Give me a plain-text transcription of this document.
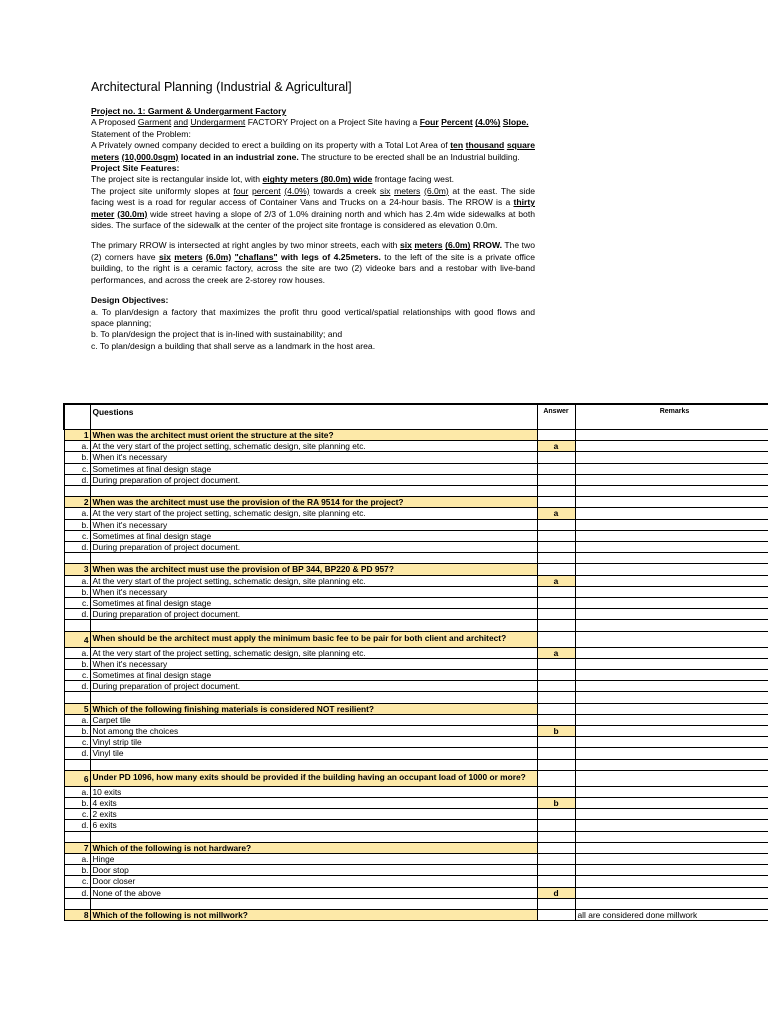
Architectural Planning (Industrial & Agricultural]

Project no. 1: Garment & Undergarment Factory

A Proposed Garment and Undergarment FACTORY Project on a Project Site having a Four Percent (4.0%) Slope.

Statement of the Problem:

A Privately owned company decided to erect a building on its property with a Total Lot Area of ten thousand square meters (10,000.0sgm) located in an industrial zone. The structure to be erected shall be an Industrial building.

Project Site Features:

The project site is rectangular inside lot, with eighty meters (80.0m) wide frontage facing west.

The project site uniformly slopes at four percent (4.0%) towards a creek six meters (6.0m) at the east. The side facing west is a road for regular access of Container Vans and Trucks on a 24-hour basis. The RROW is a thirty meter (30.0m) wide street having a slope of 2/3 of 1.0% draining north and which has 2.4m wide sidewalks at both sides. The surface of the sidewalk at the center of the project site frontage is considered as elevation 0.0m.

The primary RROW is intersected at right angles by two minor streets, each with six meters (6.0m) RROW. The two (2) corners have six meters (6.0m) "chaflans" with legs of 4.25meters. to the left of the site is a private office building, to the right is a ceramic factory, across the site are two (2) videoke bars and a restobar with live-band performances, and across the creek are 2-storey row houses.

Design Objectives:

a. To plan/design a factory that maximizes the profit thru good vertical/spatial relationships with good flows and space planning;

b. To plan/design the project that is in-lined with sustainability; and

c. To plan/design a building that shall serve as a landmark in the host area.

	Questions	Answer	Remarks
1	When was the architect must orient the structure at the site?		
a.	At the very start of the project setting, schematic design, site planning etc.	a	
b.	When it's necessary		
c.	Sometimes at final design stage		
d.	During preparation of project document.		

2	When was the architect must use the provision of the RA 9514 for the project?		
a.	At the very start of the project setting, schematic design, site planning etc.	a	
b.	When it's necessary		
c.	Sometimes at final design stage		
d.	During preparation of project document.		

3	When was the architect must use the provision of BP 344, BP220 & PD 957?		
a.	At the very start of the project setting, schematic design, site planning etc.	a	
b.	When it's necessary		
c.	Sometimes at final design stage		
d.	During preparation of project document.		

4	When should be the architect must apply the minimum basic fee to be pair for both client and architect?		
a.	At the very start of the project setting, schematic design, site planning etc.	a	
b.	When it's necessary		
c.	Sometimes at final design stage		
d.	During preparation of project document.		

5	Which of the following finishing materials is considered NOT resilient?		
a.	Carpet tile		
b.	Not among the choices	b	
c.	Vinyl strip tile		
d.	Vinyl tile		

6	Under PD 1096, how many exits should be provided if the building having an occupant load of 1000 or more?		
a.	10 exits		
b.	4 exits	b	
c.	2 exits		
d.	6 exits		

7	Which of the following is not hardware?		
a.	Hinge		
b.	Door stop		
c.	Door closer		
d.	None of the above	d	

8	Which of the following is not millwork?		all are considered done millwork
